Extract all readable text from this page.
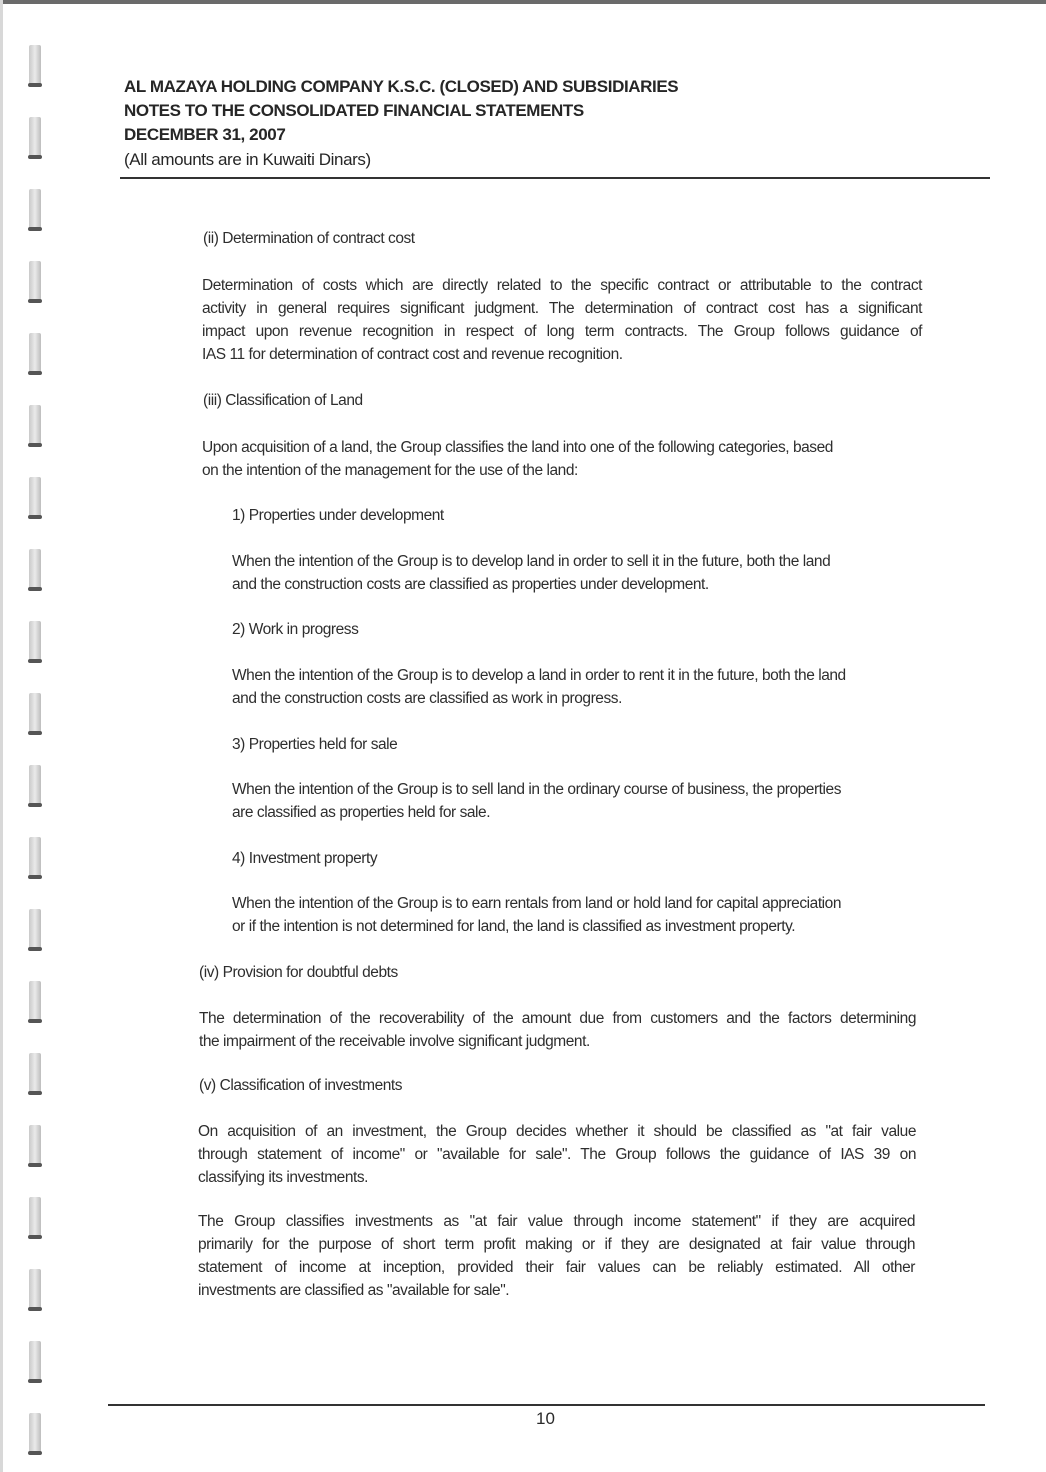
AL MAZAYA HOLDING COMPANY K.S.C. (CLOSED) AND SUBSIDIARIES
NOTES TO THE CONSOLIDATED FINANCIAL STATEMENTS
DECEMBER 31, 2007
(All amounts are in Kuwaiti Dinars)
(ii) Determination of contract cost
Determination of costs which are directly related to the specific contract or attributable to the contract
activity in general requires significant judgment. The determination of contract cost has a significant
impact upon revenue recognition in respect of long term contracts. The Group follows guidance of
IAS 11 for determination of contract cost and revenue recognition.
(iii) Classification of Land
Upon acquisition of a land, the Group classifies the land into one of the following categories, based
on the intention of the management for the use of the land:
1) Properties under development
When the intention of the Group is to develop land in order to sell it in the future, both the land
and the construction costs are classified as properties under development.
2) Work in progress
When the intention of the Group is to develop a land in order to rent it in the future, both the land
and the construction costs are classified as work in progress.
3) Properties held for sale
When the intention of the Group is to sell land in the ordinary course of business, the properties
are classified as properties held for sale.
4) Investment property
When the intention of the Group is to earn rentals from land or hold land for capital appreciation
or if the intention is not determined for land, the land is classified as investment property.
(iv) Provision for doubtful debts
The determination of the recoverability of the amount due from customers and the factors determining
the impairment of the receivable involve significant judgment.
(v) Classification of investments
On acquisition of an investment, the Group decides whether it should be classified as "at fair value
through statement of income" or "available for sale". The Group follows the guidance of IAS 39 on
classifying its investments.
The Group classifies investments as "at fair value through income statement" if they are acquired
primarily for the purpose of short term profit making or if they are designated at fair value through
statement of income at inception, provided their fair values can be reliably estimated. All other
investments are classified as "available for sale".
10
